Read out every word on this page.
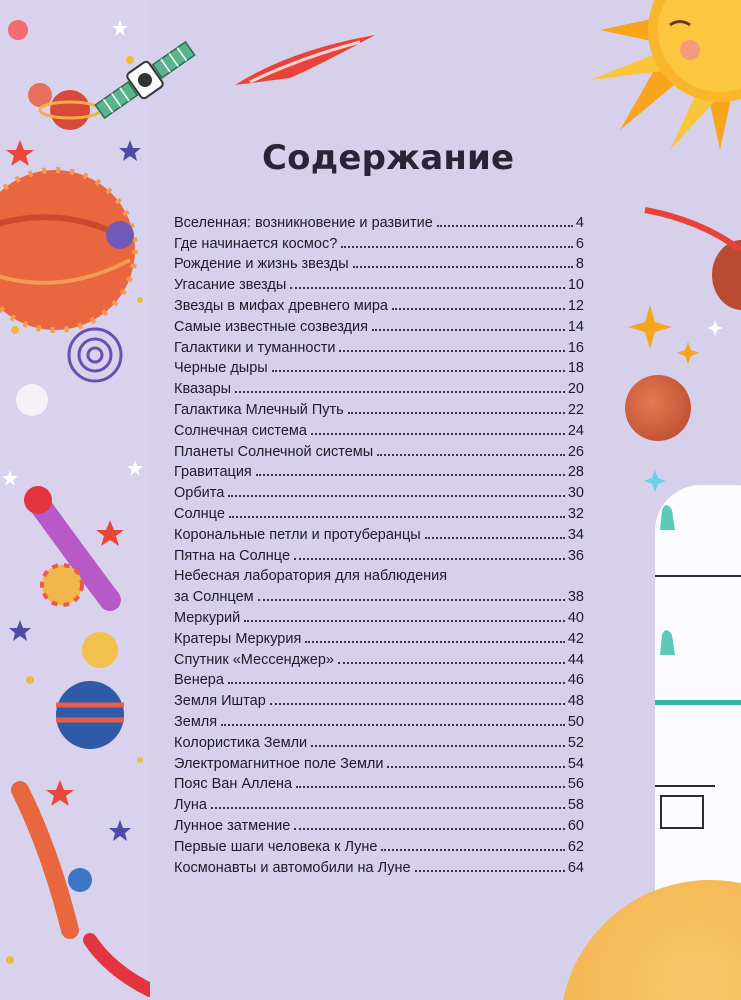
Содержание
Вселенная: возникновение и развитие	4
Где начинается космос?	6
Рождение и жизнь звезды	8
Угасание звезды	10
Звезды в мифах древнего мира	12
Самые известные созвездия	14
Галактики и туманности	16
Черные дыры	18
Квазары	20
Галактика Млечный Путь	22
Солнечная система	24
Планеты Солнечной системы	26
Гравитация	28
Орбита	30
Солнце	32
Корональные петли и протуберанцы	34
Пятна на Солнце	36
Небесная лаборатория для наблюдения
за Солнцем	38
Меркурий	40
Кратеры Меркурия	42
Спутник «Мессенджер»	44
Венера	46
Земля Иштар	48
Земля	50
Колористика Земли	52
Электромагнитное поле Земли	54
Пояс Ван Аллена	56
Луна	58
Лунное затмение	60
Первые шаги человека к Луне	62
Космонавты и автомобили на Луне	64
